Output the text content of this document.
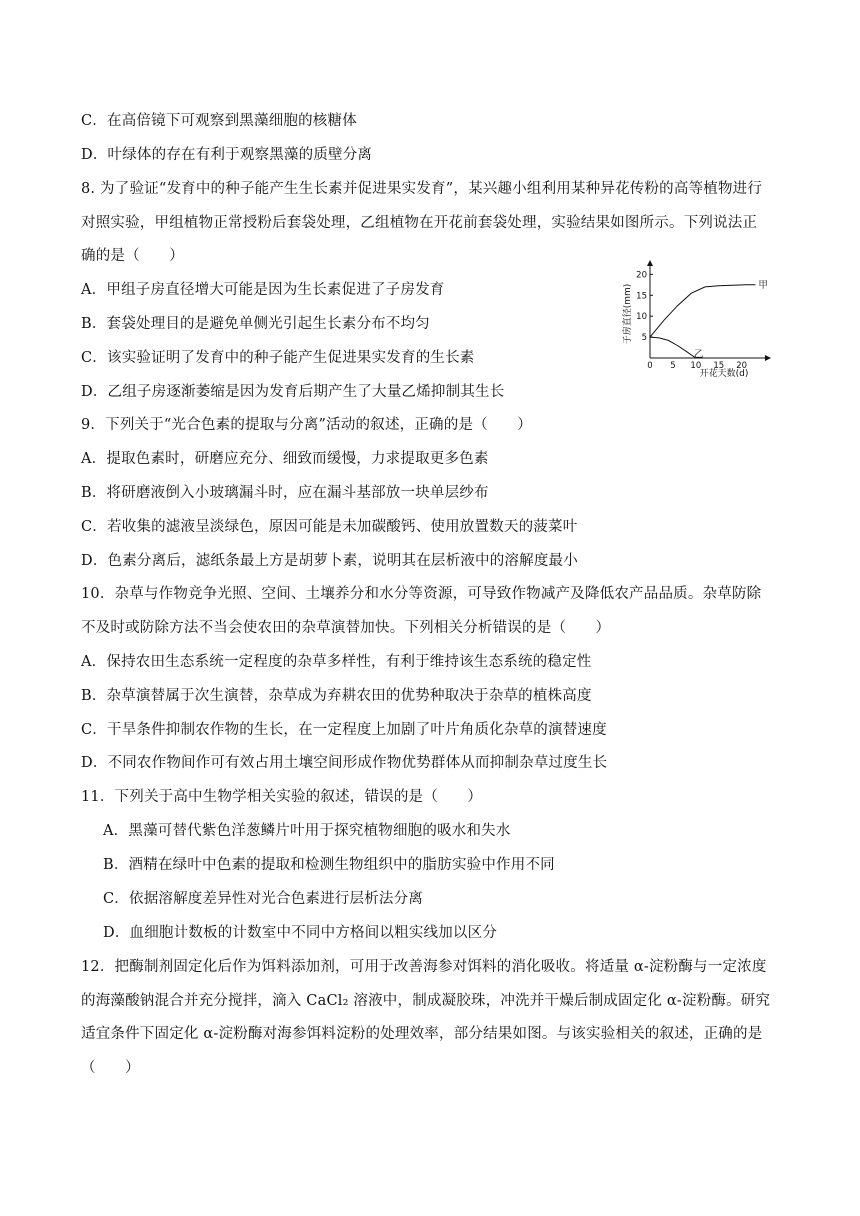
C．在高倍镜下可观察到黑藻细胞的核糖体
D．叶绿体的存在有利于观察黑藻的质壁分离
8. 为了验证“发育中的种子能产生生长素并促进果实发育”，某兴趣小组利用某种异花传粉的高等植物进行
对照实验，甲组植物正常授粉后套袋处理，乙组植物在开花前套袋处理，实验结果如图所示。下列说法正
确的是（　　）
A．甲组子房直径增大可能是因为生长素促进了子房发育
B．套袋处理目的是避免单侧光引起生长素分布不均匀
C．该实验证明了发育中的种子能产生促进果实发育的生长素
D．乙组子房逐渐萎缩是因为发育后期产生了大量乙烯抑制其生长
9．下列关于“光合色素的提取与分离”活动的叙述，正确的是（　　）
A．提取色素时，研磨应充分、细致而缓慢，力求提取更多色素
B．将研磨液倒入小玻璃漏斗时，应在漏斗基部放一块单层纱布
C．若收集的滤液呈淡绿色，原因可能是未加碳酸钙、使用放置数天的菠菜叶
D．色素分离后，滤纸条最上方是胡萝卜素，说明其在层析液中的溶解度最小
10．杂草与作物竞争光照、空间、土壤养分和水分等资源，可导致作物减产及降低农产品品质。杂草防除
不及时或防除方法不当会使农田的杂草演替加快。下列相关分析错误的是（　　）
A．保持农田生态系统一定程度的杂草多样性，有利于维持该生态系统的稳定性
B．杂草演替属于次生演替，杂草成为弃耕农田的优势种取决于杂草的植株高度
C．干旱条件抑制农作物的生长，在一定程度上加剧了叶片角质化杂草的演替速度
D．不同农作物间作可有效占用土壤空间形成作物优势群体从而抑制杂草过度生长
11．下列关于高中生物学相关实验的叙述，错误的是（　　）
A．黑藻可替代紫色洋葱鳞片叶用于探究植物细胞的吸水和失水
B．酒精在绿叶中色素的提取和检测生物组织中的脂肪实验中作用不同
C．依据溶解度差异性对光合色素进行层析法分离
D．血细胞计数板的计数室中不同中方格间以粗实线加以区分
12．把酶制剂固定化后作为饵料添加剂，可用于改善海参对饵料的消化吸收。将适量 α-淀粉酶与一定浓度
的海藻酸钠混合并充分搅拌，滴入 CaCl₂ 溶液中，制成凝胶珠，冲洗并干燥后制成固定化 α-淀粉酶。研究
适宜条件下固定化 α-淀粉酶对海参饵料淀粉的处理效率，部分结果如图。与该实验相关的叙述，正确的是
（　　）
0 5 10 15 20
5
10
15
20
甲
乙
子房直径(mm)
开花天数(d)
